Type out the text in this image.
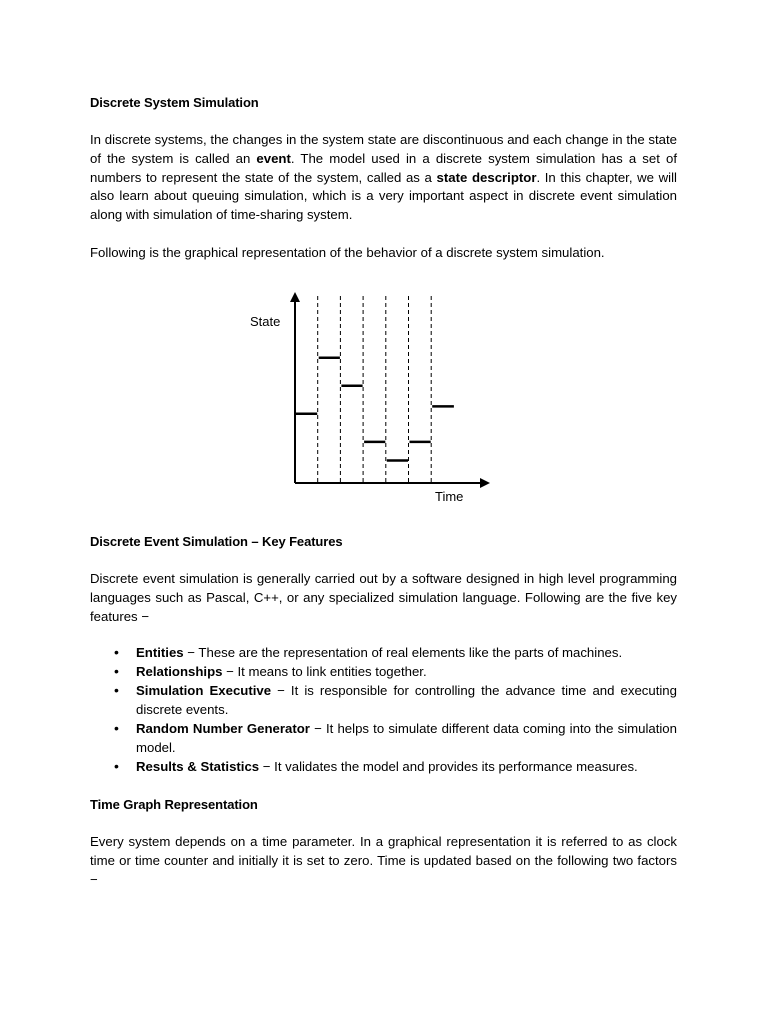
Discrete System Simulation
In discrete systems, the changes in the system state are discontinuous and each change in the state of the system is called an event. The model used in a discrete system simulation has a set of numbers to represent the state of the system, called as a state descriptor. In this chapter, we will also learn about queuing simulation, which is a very important aspect in discrete event simulation along with simulation of time-sharing system.
Following is the graphical representation of the behavior of a discrete system simulation.
State
Time
Discrete Event Simulation – Key Features
Discrete event simulation is generally carried out by a software designed in high level programming languages such as Pascal, C++, or any specialized simulation language. Following are the five key features −
• Entities − These are the representation of real elements like the parts of machines.
• Relationships − It means to link entities together.
• Simulation Executive − It is responsible for controlling the advance time and executing discrete events.
• Random Number Generator − It helps to simulate different data coming into the simulation model.
• Results & Statistics − It validates the model and provides its performance measures.
Time Graph Representation
Every system depends on a time parameter. In a graphical representation it is referred to as clock time or time counter and initially it is set to zero. Time is updated based on the following two factors −
